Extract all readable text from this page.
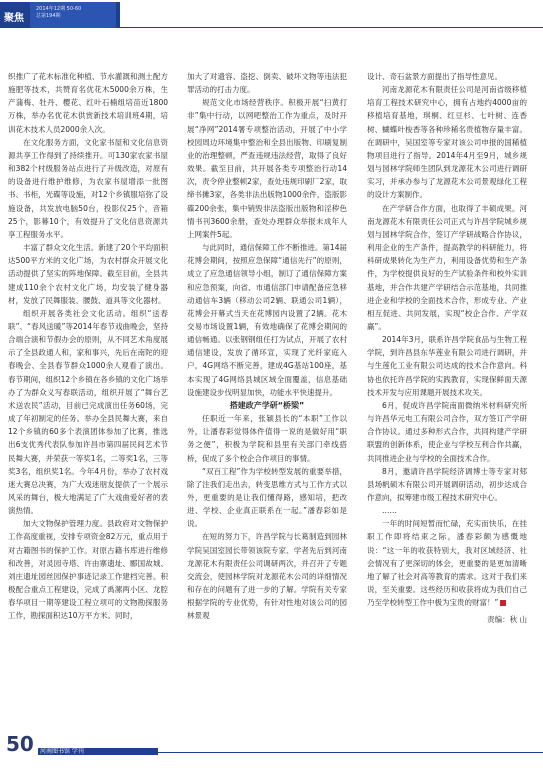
聚焦
2014年12期 50-60
总第194期

织推广了花木标准化种植、节水灌溉和测土配方施肥等技术，共赞育名优花木5000余万株，生产蒲梅、牡丹、樱花、红叶石楠组培苗近1800万株，举办名优花木供赏新技术培训班4期，培训花木技术人员2000余人次。

在文化服务方面，文化家书屋和文化信息资源共享工作得到了持续推开。可130家农家书屋和382个村级服务站点进行了升级改造，对原有的设备进行维护维修，为农家书屋增添一批图书、书柜，光碟等设施，对12个乡镇服培弥了设施设备，共发放电脑50台，投影仪25个，音箱25个，影幕10个，有效提升了文化信息资源共享工程服务水平。

丰富了群众文化生活。新建了20个平均面积达500平方米的文化广场，为农村群众开展文化活动提供了坚实的阵地保障。截至目前，全县共建成110余个农村文化广场，均安装了健身器材，发放了民舞服装、腰鼓、道具等文化器材。

组织开展各类社会文化活动。组织“送春联”、“春风送暖”等2014年春节戏曲晚会，坚持合端合演和节假办会的原则，从不同艺术角度展示了全县政通人和，家和事兴，先后在南陀的迎春晚会、全县春节群众1000余人观看了演出。春节期间，组织12个乡镇在各乡镇的文化广场举办了为群众义写春联活动，组织开展了“舞台艺术送农民”活动，目前已完成演出任务60场，完成了年初制定的任务。举办全县民舞大赛，来自12个乡镇的60多个表演团体参加了比赛，推选出6支优秀代表队参加许昌市第四届民间艺术节民舞大赛，并荣获一等奖1名，二等奖1名，三等奖3名，组织奖1名。今年4月份，举办了农村戏迷大赛总决赛，为广大戏迷朋友提供了一个展示风采的舞台，极大地满足了广大戏曲爱好者的表演热情。

加大文物保护管理力度。县政府对文物保护工作高度重视，安排专项资金82万元，重点用于对古籍图书的保护工作。对原古籍书库进行维修和改善，对灵园寺塔、许由寨遗址、郾国故城、刘庄遗址园丝园保护事迹记录工作建档完善。积极配合重点工程建设，完成了禹漯两小区、龙腔春华项目一期等建设工程立项可的文物勘探服务工作，勘探面积达10万平方米。同时，

加大了对遗容、盗挖、倒卖、破坏文物等违法犯罪活动的打击力度。

规范文化市场经营秩序。积极开展“扫黄打非”集中行动，以网吧整治工作为重点，及时开展“净网”2014署专项整治活动，开展了中小学校园周边环境集中整治和全县出版物、印刷复制业的治理整顿，严查违规违法经营，取得了良好效果。截至目前，共开展各类专项整治行动14次，责令停业整顿2家，查处违规印刷厂2家，取缔书摊3家，各类非法出版物1000余件，盗版影碟200余张，集中销毁非法盗版出版物和淫秽色情书刊3600余册，查处办理群众举报未成年人上网案件5起。

与此同时，通信保障工作不断推进。第14届花博会期间，按照应急保障“通信先行”的原则，成立了应急通信领导小组，制订了通信保障方案和应急预案，向省、市通信部门申请配备应急移动通信车3辆（移动公司2辆、联通公司1辆），花博会开幕式当天在花博园内设置了2辆。花木交易市场设置1辆，有效地确保了花博会期间的通信畅通。以张钢钢组任打为试点，开展了农村通信建设，发放了循环宣，实现了光纤家庭入户，4G网络不断完善，建成4G基站100座，基本实现了4G网络县城区域全面覆盖，信息基础设施建设步伐明显加快，功能水平快速提升。

搭建政产学研“桥梁”

任职近一年来，张颖县长的“本职”工作以外，让潘春彩觉得体件值得一说的是做好用“职务之便”，积极为学院和县里有关部门牵线搭桥，促成了多个校企合作项目的事情。

“双百工程”作为学校转型发展的重要举措，除了注我们走出去，转变思维方式与工作方式以外，更重要的是让我们懂得路，感知培，把改进、学校、企业真正联系在一起。”潘春彩如是说。

在短的努力下，许昌学院与长葛制造到园林学院吴国室园长带领该院专家、学者先后到河南龙源花木有限责任公司调研两次，并召开了专题交流会，使园林学院对龙源花木公司的详细情况和存在的问题有了进一步的了解。学院有关专家根据学院的专业优势，有针对性地对该公司的园林景观

设计、奇石盆景方面提出了指导性意见。

河南龙源花木有限责任公司是河南省级移植培育工程技术研究中心，拥有占地约4000亩的移植培育基地，琪桐、红豆杉、七叶树、连香树、蝴蝶叶梭香等各种珍稀名贵植物存量丰富。在调研中，吴国室等专家对该公司申报的国稀植物项目进行了指导。2014年4月至9月，城乡规划与园林学院师生团队到龙源花木公司进行调研实习，并承办参与了龙源花木公司景观绿化工程的设计方案制作。

在产学研合作方面，也取得了丰硕成果。河南龙源花木有限责任公司正式与许昌学院城乡规划与园林学院合作，签订产学研战略合作协议，利用企业的生产条件，提高教学的科研能力，将科研成果转化为生产力，利用设备优势和生产条件，为学校提供良好的生产试验条件和校外实训基地，并合作共建产学研结合示范基地，共同推进企业和学校的全面技术合作，形成专业、产业相互促进、共同发展，实现“校企合作、产学双赢”。

2014年3月，联系许昌学院食品与生物工程学院，到许昌县东华莲业有限公司进行调研，并与生莲化工业有限公司达成的技术合作意向。科协也依托许昌学院的实践教育，实现保鲜面天源技术开发与应用课题开展技术攻关。

6月，促成许昌学院南面微纳米材料研究所与许昌华元电工有限公司合作，双方签订产学研合作协议。通过多种形式合作，共同构建产学研联盟的创新体系，使企业与学校互利合作共赢，共同推进企业与学校的全面技术合作。

8月，邀请许昌学院经济调博士等专家对郏县场帆硕木有限公司开展调研活动，初步达成合作意向，拟筹建市级工程技术研究中心。

……

一年的时间短暂而忙碌，充实而快乐，在挂职工作即将结束之际，潘春彩颇为感慨地说：“这一年的收获特别大，我对区域经济、社会情况有了更深切的体会，更重要的是更加清晰地了解了社会对高等教育的需求。这对于我们来说，至关重要。这些经历和收获将成为我们自己乃至学校转型工作中极为宝贵的财富！”

责编：秋 山
50 河南图书馆 学刊
